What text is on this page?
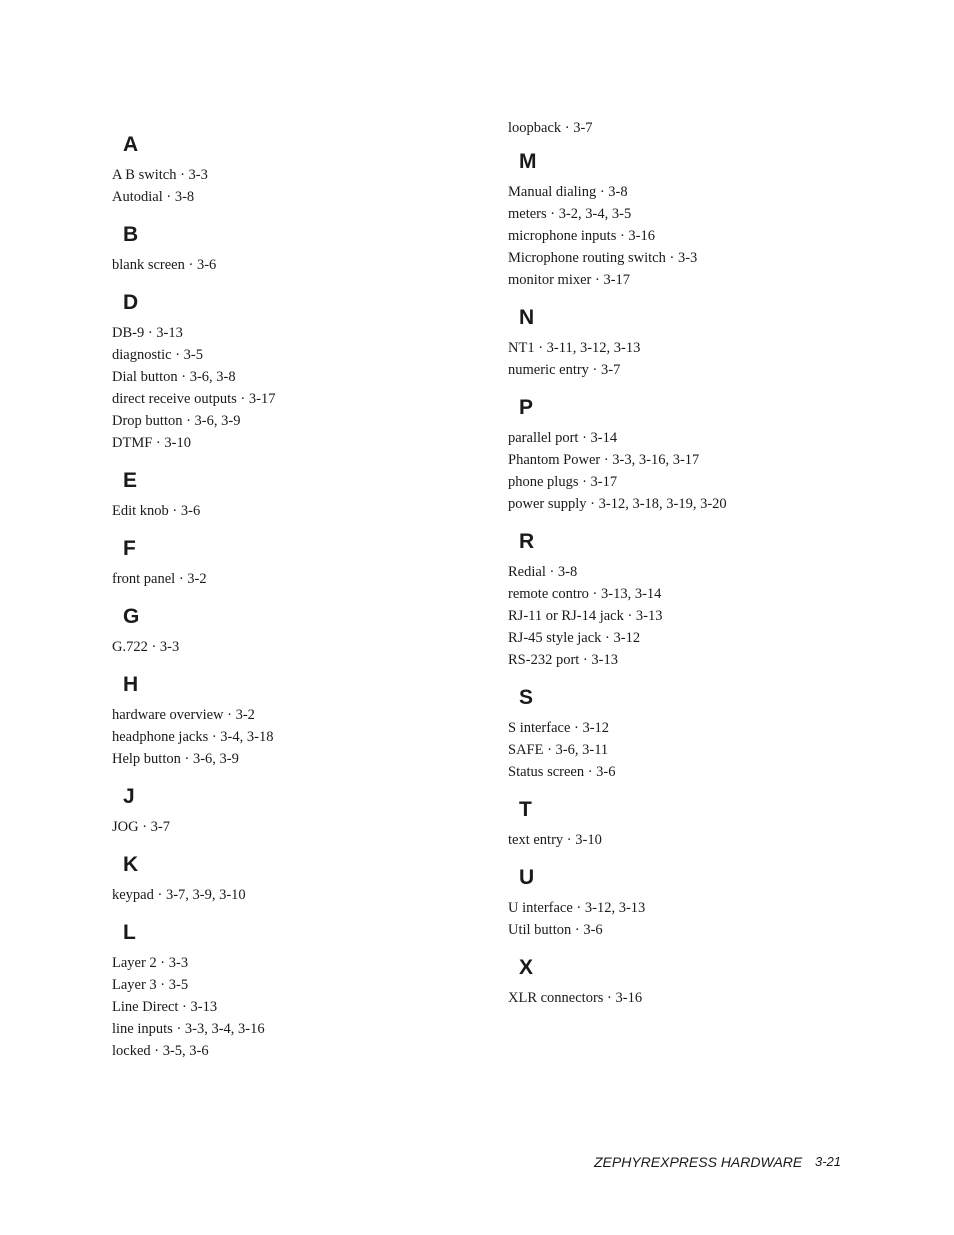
A
A B switch · 3-3
Autodial · 3-8
B
blank screen · 3-6
D
DB-9 · 3-13
diagnostic · 3-5
Dial button · 3-6, 3-8
direct receive outputs · 3-17
Drop button · 3-6, 3-9
DTMF · 3-10
E
Edit knob · 3-6
F
front panel · 3-2
G
G.722 · 3-3
H
hardware overview · 3-2
headphone jacks · 3-4, 3-18
Help button · 3-6, 3-9
J
JOG · 3-7
K
keypad · 3-7, 3-9, 3-10
L
Layer 2 · 3-3
Layer 3 · 3-5
Line Direct · 3-13
line inputs · 3-3, 3-4, 3-16
locked · 3-5, 3-6
loopback · 3-7
M
Manual dialing · 3-8
meters · 3-2, 3-4, 3-5
microphone inputs · 3-16
Microphone routing switch · 3-3
monitor mixer · 3-17
N
NT1 · 3-11, 3-12, 3-13
numeric entry · 3-7
P
parallel port · 3-14
Phantom Power · 3-3, 3-16, 3-17
phone plugs · 3-17
power supply · 3-12, 3-18, 3-19, 3-20
R
Redial · 3-8
remote contro · 3-13, 3-14
RJ-11 or RJ-14 jack · 3-13
RJ-45 style jack · 3-12
RS-232 port · 3-13
S
S interface · 3-12
SAFE · 3-6, 3-11
Status screen · 3-6
T
text entry · 3-10
U
U interface · 3-12, 3-13
Util button · 3-6
X
XLR connectors · 3-16
ZEPHYREXPRESS HARDWARE 3-21
